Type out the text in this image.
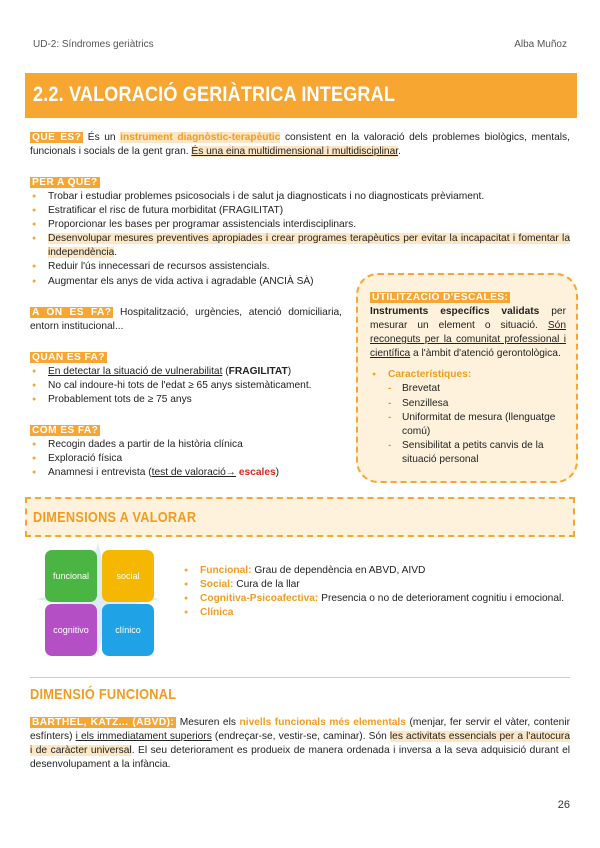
UD-2: Síndromes geriàtrics	Alba Muñoz
2.2. VALORACIÓ GERIÀTRICA INTEGRAL

QUE ÉS? És un instrument diagnòstic-terapèutic consistent en la valoració dels problemes biològics, mentals, funcionals i socials de la gent gran. És una eina multidimensional i multidisciplinar.

PER A QUÈ?
● Trobar i estudiar problemes psicosocials i de salut ja diagnosticats i no diagnosticats prèviament.
● Estratificar el risc de futura morbiditat (FRAGILITAT)
● Proporcionar les bases per programar assistencials interdisciplinars.
● Desenvolupar mesures preventives apropiades i crear programes terapèutics per evitar la incapacitat i fomentar la independència.
● Reduir l'ús innecessari de recursos assistencials.
● Augmentar els anys de vida activa i agradable (ANCIÀ SÀ)

A ON ES FA? Hospitalització, urgències, atenció domiciliaria, entorn institucional...

QUAN ES FA?
● En detectar la situació de vulnerabilitat (FRAGILITAT)
● No cal indoure-hi tots de l'edat ≥ 65 anys sistemàticament.
● Probablement tots de ≥ 75 anys
COM ES FA?
● Recogin dades a partir de la història clínica
● Exploració física
● Anamnesi i entrevista (test de valoració→ escales)
UTILITZACIÓ D'ESCALES:

Instruments específics validats per mesurar un element o situació. Són reconeguts per la comunitat professional i científica a l'àmbit d'atenció gerontològica.

● Característiques:
- Brevetat
- Senzillesa
- Uniformitat de mesura (llenguatge comú)
- Sensibilitat a petits canvis de la situació personal
DIMENSIONS A VALORAR
funcional	social
cognitivo	clínico
● Funcional: Grau de dependència en ABVD, AIVD
● Social: Cura de la llar
● Cognitiva-Psicoafectiva: Presencia o no de deteriorament cognitiu i emocional.
● Clínica
DIMENSIÓ FUNCIONAL

BARTHEL, KATZ... (ABVD): Mesuren els nivells funcionals més elementals (menjar, fer servir el vàter, contenir esfínters) i els immediatament superiors (endreçar-se, vestir-se, caminar). Són les activitats essencials per a l'autocura i de caràcter universal. El seu deteriorament es produeix de manera ordenada i inversa a la seva adquisició durant el desenvolupament a la infància.

26
